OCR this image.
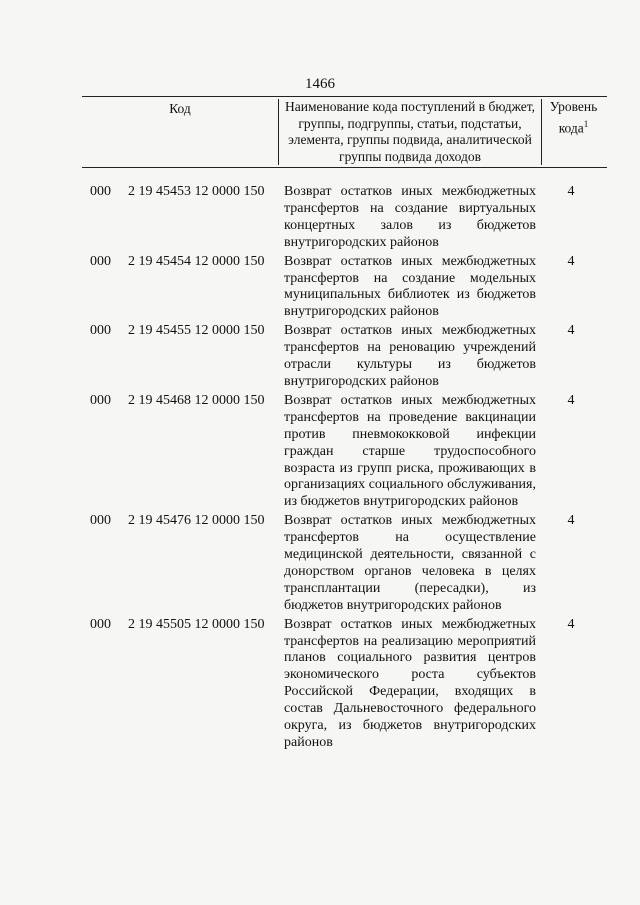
1466
Код	Наименование кода поступлений в бюджет, группы, подгруппы, статьи, подстатьи, элемента, группы подвида, аналитической группы подвида доходов
Уровень кода$^1$
000	2 19 45453 12 0000 150	Возврат остатков иных межбюджетных трансфертов на создание виртуальных концертных залов из бюджетов внутригородских районов
4
000	2 19 45454 12 0000 150	Возврат остатков иных межбюджетных трансфертов на создание модельных муниципальных библиотек из бюджетов внутригородских районов
4
000	2 19 45455 12 0000 150	Возврат остатков иных межбюджетных трансфертов на реновацию учреждений отрасли культуры из бюджетов внутригородских районов
4
000	2 19 45468 12 0000 150	Возврат остатков иных межбюджетных трансфертов на проведение вакцинации против пневмококковой инфекции граждан старше трудоспособного возраста из групп риска, проживающих в организациях социального обслуживания, из бюджетов внутригородских районов
4
000	2 19 45476 12 0000 150	Возврат остатков иных межбюджетных трансфертов на осуществление медицинской деятельности, связанной с донорством органов человека в целях трансплантации (пересадки), из бюджетов внутригородских районов
4
000	2 19 45505 12 0000 150	Возврат остатков иных межбюджетных трансфертов на реализацию мероприятий планов социального развития центров экономического роста субъектов Российской Федерации, входящих в состав Дальневосточного федерального округа, из бюджетов внутригородских районов
4
